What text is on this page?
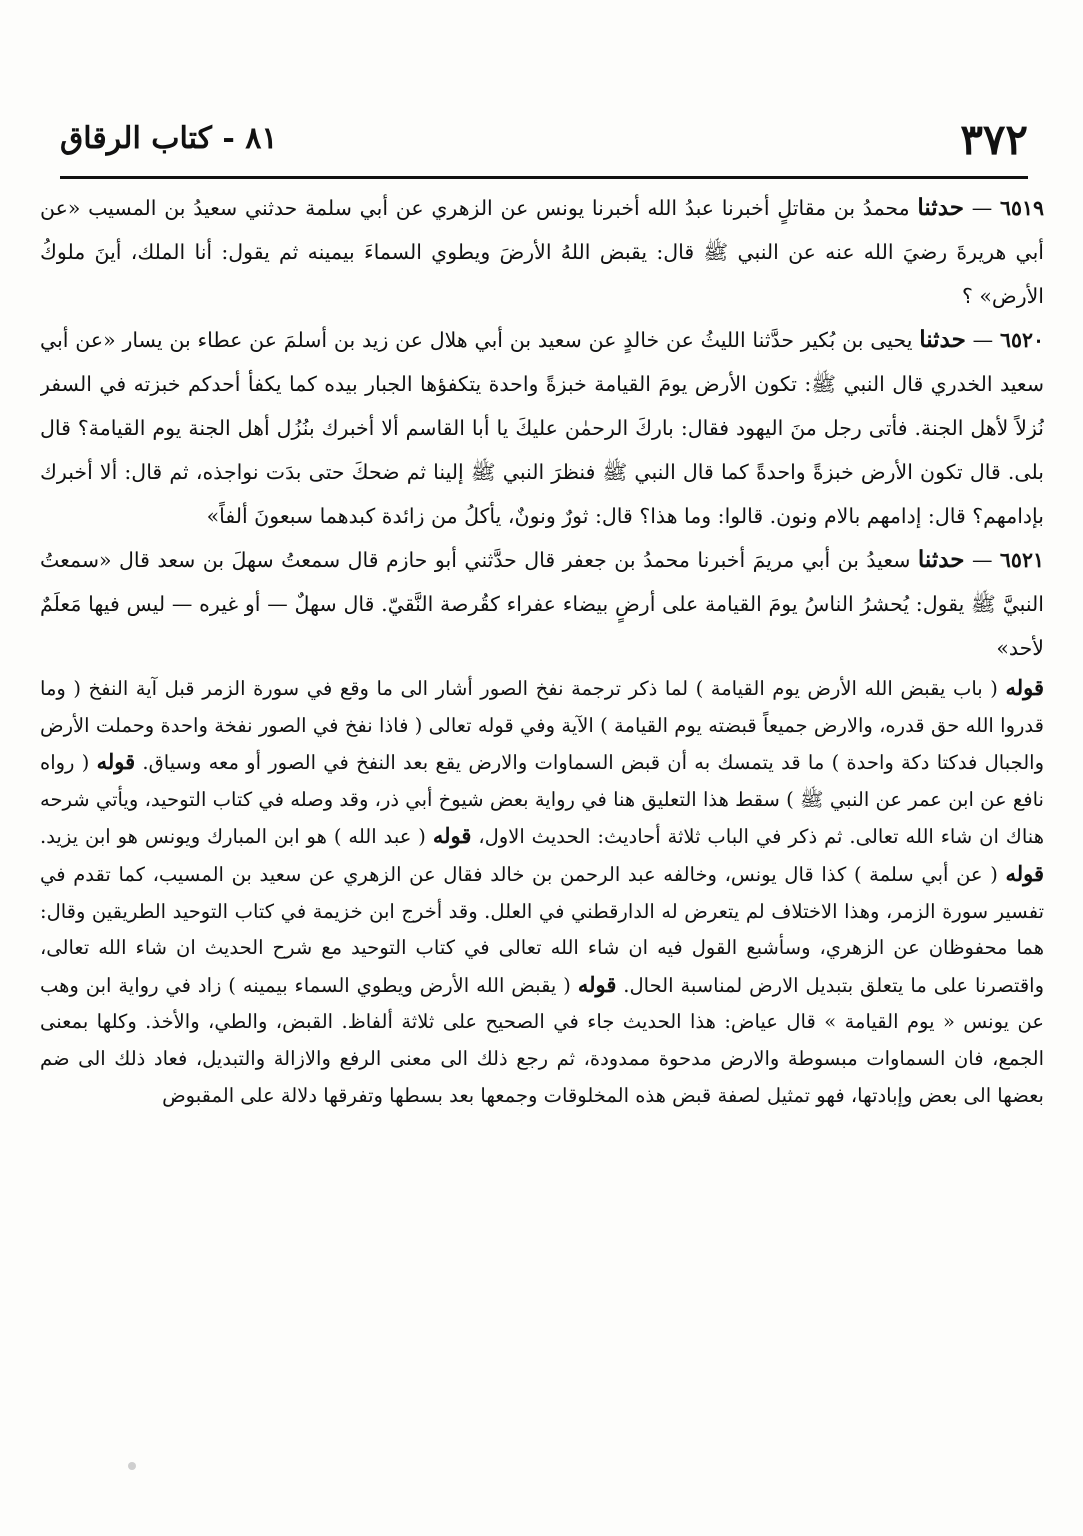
٣٧٢
٨١ - كتاب الرقاق

٦٥١٩ — حدثنا محمدُ بن مقاتلٍ أخبرنا عبدُ الله أخبرنا يونس عن الزهري عن أبي سلمة حدثني سعيدُ بن المسيب «عن أبي هريرةَ رضيَ الله عنه عن النبي ﷺ قال: يقبض اللهُ الأرضَ ويطوي السماءَ بيمينه ثم يقول: أنا الملك، أينَ ملوكُ الأرض» ؟

٦٥٢٠ — حدثنا يحيى بن بُكير حدَّثنا الليثُ عن خالدٍ عن سعيد بن أبي هلال عن زيد بن أسلمَ عن عطاء بن يسار «عن أبي سعيد الخدري قال النبي ﷺ: تكون الأرض يومَ القيامة خبزةً واحدة يتكفؤها الجبار بيده كما يكفأ أحدكم خبزته في السفر نُزلاً لأهل الجنة. فأتى رجل منَ اليهود فقال: باركَ الرحمٰن عليكَ يا أبا القاسم ألا أخبرك بنُزُل أهل الجنة يوم القيامة؟ قال بلى. قال تكون الأرض خبزةً واحدةً كما قال النبي ﷺ فنظرَ النبي ﷺ إلينا ثم ضحكَ حتى بدَت نواجذه، ثم قال: ألا أخبرك بإدامهم؟ قال: إدامهم بالام ونون. قالوا: وما هذا؟ قال: ثورٌ ونونٌ، يأكلُ من زائدة كبدهما سبعونَ ألفاً»

٦٥٢١ — حدثنا سعيدُ بن أبي مريمَ أخبرنا محمدُ بن جعفر قال حدَّثني أبو حازم قال سمعتُ سهلَ بن سعد قال «سمعتُ النبيَّ ﷺ يقول: يُحشرُ الناسُ يومَ القيامة على أرضٍ بيضاء عفراء كقُرصة النَّقيّ. قال سهلٌ — أو غيره — ليس فيها مَعلَمٌ لأحد»

قوله ( باب يقبض الله الأرض يوم القيامة ) لما ذكر ترجمة نفخ الصور أشار الى ما وقع في سورة الزمر قبل آية النفخ ( وما قدروا الله حق قدره، والارض جميعاً قبضته يوم القيامة ) الآية وفي قوله تعالى ( فاذا نفخ في الصور نفخة واحدة وحملت الأرض والجبال فدكتا دكة واحدة ) ما قد يتمسك به أن قبض السماوات والارض يقع بعد النفخ في الصور أو معه وسياق. قوله ( رواه نافع عن ابن عمر عن النبي ﷺ ) سقط هذا التعليق هنا في رواية بعض شيوخ أبي ذر، وقد وصله في كتاب التوحيد، ويأتي شرحه هناك ان شاء الله تعالى. ثم ذكر في الباب ثلاثة أحاديث: الحديث الاول، قوله ( عبد الله ) هو ابن المبارك ويونس هو ابن يزيد. قوله ( عن أبي سلمة ) كذا قال يونس، وخالفه عبد الرحمن بن خالد فقال عن الزهري عن سعيد بن المسيب، كما تقدم في تفسير سورة الزمر، وهذا الاختلاف لم يتعرض له الدارقطني في العلل. وقد أخرج ابن خزيمة في كتاب التوحيد الطريقين وقال: هما محفوظان عن الزهري، وسأشبع القول فيه ان شاء الله تعالى في كتاب التوحيد مع شرح الحديث ان شاء الله تعالى، واقتصرنا على ما يتعلق بتبديل الارض لمناسبة الحال. قوله ( يقبض الله الأرض ويطوي السماء بيمينه ) زاد في رواية ابن وهب عن يونس « يوم القيامة » قال عياض: هذا الحديث جاء في الصحيح على ثلاثة ألفاظ. القبض، والطي، والأخذ. وكلها بمعنى الجمع، فان السماوات مبسوطة والارض مدحوة ممدودة، ثم رجع ذلك الى معنى الرفع والازالة والتبديل، فعاد ذلك الى ضم بعضها الى بعض وإبادتها، فهو تمثيل لصفة قبض هذه المخلوقات وجمعها بعد بسطها وتفرقها دلالة على المقبوض
